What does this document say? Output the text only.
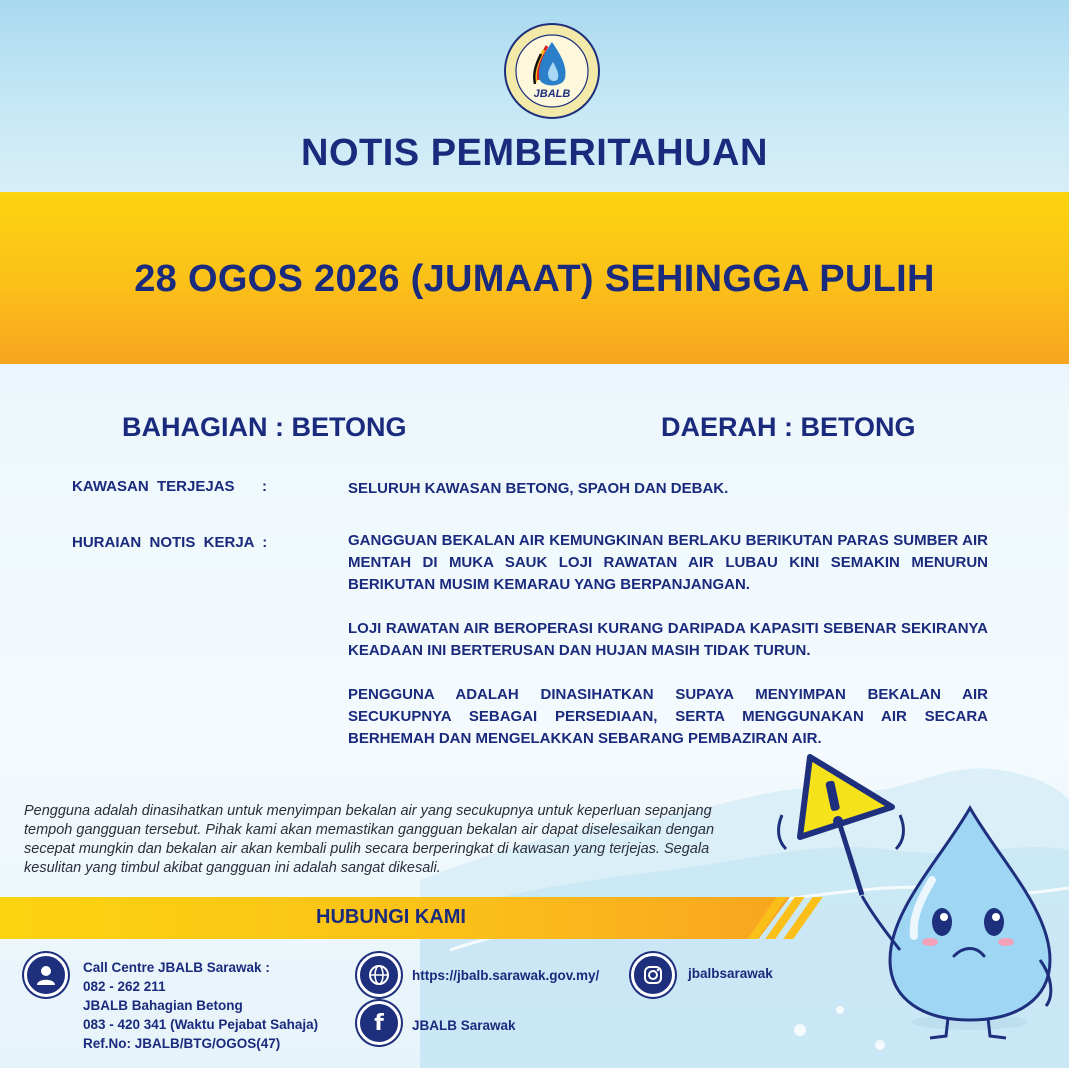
JBALB
NOTIS PEMBERITAHUAN
28 OGOS 2026 (JUMAAT) SEHINGGA PULIH
BAHAGIAN : BETONG	DAERAH : BETONG
KAWASAN  TERJEJAS :	SELURUH KAWASAN BETONG, SPAOH DAN DEBAK.
HURAIAN  NOTIS  KERJA  :	GANGGUAN BEKALAN AIR KEMUNGKINAN BERLAKU BERIKUTAN PARAS SUMBER AIR MENTAH DI MUKA SAUK LOJI RAWATAN AIR LUBAU KINI SEMAKIN MENURUN BERIKUTAN MUSIM KEMARAU YANG BERPANJANGAN.
LOJI RAWATAN AIR BEROPERASI KURANG DARIPADA KAPASITI SEBENAR SEKIRANYA KEADAAN INI BERTERUSAN DAN HUJAN MASIH TIDAK TURUN.
PENGGUNA ADALAH DINASIHATKAN SUPAYA MENYIMPAN BEKALAN AIR SECUKUPNYA SEBAGAI PERSEDIAAN, SERTA MENGGUNAKAN AIR SECARA BERHEMAH DAN MENGELAKKAN SEBARANG PEMBAZIRAN AIR.
Pengguna adalah dinasihatkan untuk menyimpan bekalan air yang secukupnya untuk keperluan sepanjang tempoh gangguan tersebut. Pihak kami akan memastikan gangguan bekalan air dapat diselesaikan dengan secepat mungkin dan bekalan air akan kembali pulih secara berperingkat di kawasan yang terjejas. Segala kesulitan yang timbul akibat gangguan ini adalah sangat dikesali.
HUBUNGI KAMI
Call Centre JBALB Sarawak :
082 - 262 211
JBALB Bahagian Betong
083 - 420 341 (Waktu Pejabat Sahaja)
Ref.No: JBALB/BTG/OGOS(47)
https://jbalb.sarawak.gov.my/
f JBALB Sarawak
jbalbsarawak
